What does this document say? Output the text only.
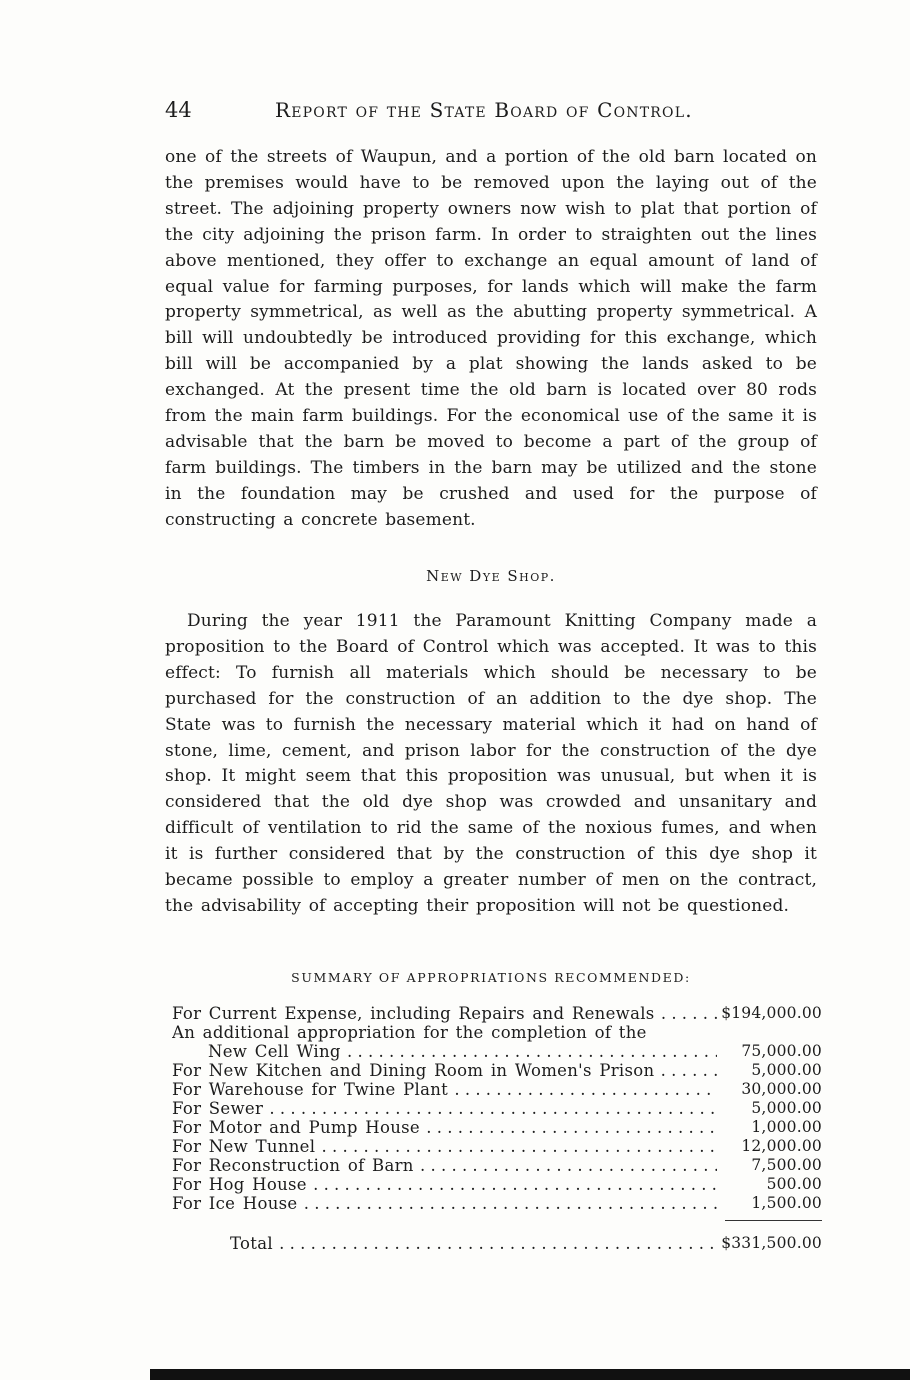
44	Report of the State Board of Control.

one of the streets of Waupun, and a portion of the old barn located on the premises would have to be removed upon the laying out of the street. The adjoining property owners now wish to plat that portion of the city adjoining the prison farm. In order to straighten out the lines above mentioned, they offer to exchange an equal amount of land of equal value for farming purposes, for lands which will make the farm property symmetrical, as well as the abutting property symmetrical. A bill will undoubtedly be introduced providing for this exchange, which bill will be accompanied by a plat showing the lands asked to be exchanged. At the present time the old barn is located over 80 rods from the main farm buildings. For the economical use of the same it is advisable that the barn be moved to become a part of the group of farm buildings. The timbers in the barn may be utilized and the stone in the foundation may be crushed and used for the purpose of constructing a concrete basement.

New Dye Shop.

During the year 1911 the Paramount Knitting Company made a proposition to the Board of Control which was accepted. It was to this effect: To furnish all materials which should be necessary to be purchased for the construction of an addition to the dye shop. The State was to furnish the necessary material which it had on hand of stone, lime, cement, and prison labor for the construction of the dye shop. It might seem that this proposition was unusual, but when it is considered that the old dye shop was crowded and unsanitary and difficult of ventilation to rid the same of the noxious fumes, and when it is further considered that by the construction of this dye shop it became possible to employ a greater number of men on the contract, the advisability of accepting their proposition will not be questioned.

SUMMARY OF APPROPRIATIONS RECOMMENDED:
For Current Expense, including Repairs and Renewals . . .	$194,000.00
An additional appropriation for the completion of the
New Cell Wing . . .	75,000.00
For New Kitchen and Dining Room in Women's Prison . . .	5,000.00
For Warehouse for Twine Plant . . .	30,000.00
For Sewer . . .	5,000.00
For Motor and Pump House . . .	1,000.00
For New Tunnel . . .	12,000.00
For Reconstruction of Barn . . .	7,500.00
For Hog House . . .	500.00
For Ice House . . .	1,500.00
Total . . .	$331,500.00
